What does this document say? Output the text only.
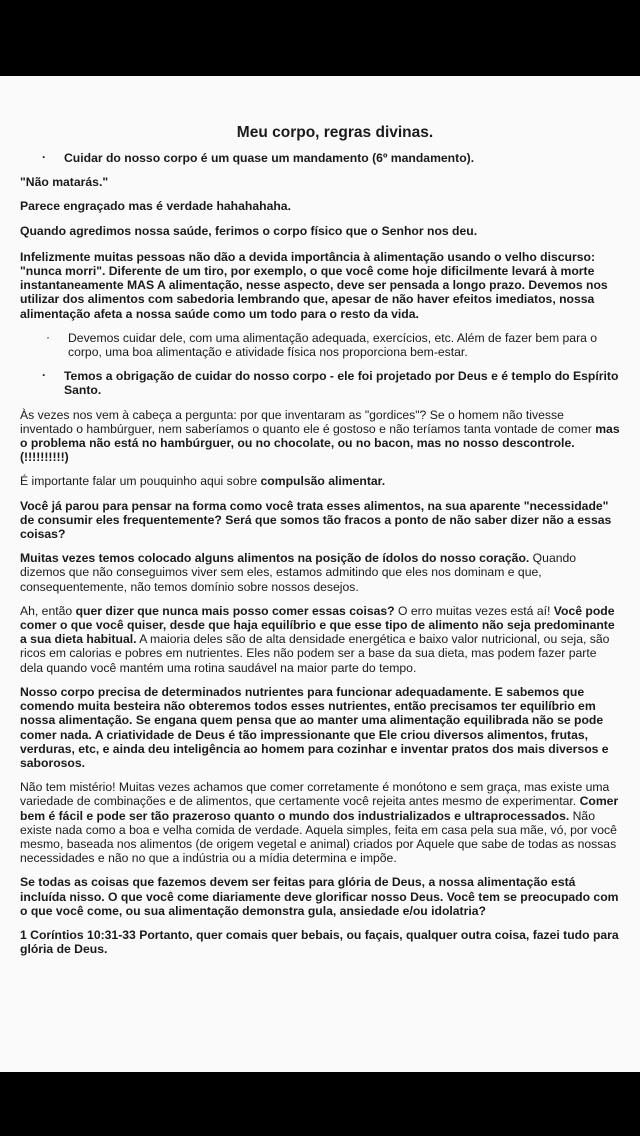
Meu corpo, regras divinas.
· Cuidar do nosso corpo é um quase um mandamento (6º mandamento).

"Não matarás."

Parece engraçado mas é verdade hahahahaha.

Quando agredimos nossa saúde, ferimos o corpo físico que o Senhor nos deu.

Infelizmente muitas pessoas não dão a devida importância à alimentação usando o velho discurso: "nunca morri". Diferente de um tiro, por exemplo, o que você come hoje dificilmente levará à morte instantaneamente MAS A alimentação, nesse aspecto, deve ser pensada a longo prazo. Devemos nos utilizar dos alimentos com sabedoria lembrando que, apesar de não haver efeitos imediatos, nossa alimentação afeta a nossa saúde como um todo para o resto da vida.

· Devemos cuidar dele, com uma alimentação adequada, exercícios, etc. Além de fazer bem para o corpo, uma boa alimentação e atividade física nos proporciona bem-estar.
· Temos a obrigação de cuidar do nosso corpo - ele foi projetado por Deus e é templo do Espírito Santo.

Às vezes nos vem à cabeça a pergunta: por que inventaram as "gordices"? Se o homem não tivesse inventado o hambúrguer, nem saberíamos o quanto ele é gostoso e não teríamos tanta vontade de comer mas o problema não está no hambúrguer, ou no chocolate, ou no bacon, mas no nosso descontrole. (!!!!!!!!!!)

É importante falar um pouquinho aqui sobre compulsão alimentar.

Você já parou para pensar na forma como você trata esses alimentos, na sua aparente "necessidade" de consumir eles frequentemente? Será que somos tão fracos a ponto de não saber dizer não a essas coisas?

Muitas vezes temos colocado alguns alimentos na posição de ídolos do nosso coração. Quando dizemos que não conseguimos viver sem eles, estamos admitindo que eles nos dominam e que, consequentemente, não temos domínio sobre nossos desejos.

Ah, então quer dizer que nunca mais posso comer essas coisas? O erro muitas vezes está aí! Você pode comer o que você quiser, desde que haja equilíbrio e que esse tipo de alimento não seja predominante a sua dieta habitual. A maioria deles são de alta densidade energética e baixo valor nutricional, ou seja, são ricos em calorias e pobres em nutrientes. Eles não podem ser a base da sua dieta, mas podem fazer parte dela quando você mantém uma rotina saudável na maior parte do tempo.

Nosso corpo precisa de determinados nutrientes para funcionar adequadamente. E sabemos que comendo muita besteira não obteremos todos esses nutrientes, então precisamos ter equilíbrio em nossa alimentação. Se engana quem pensa que ao manter uma alimentação equilibrada não se pode comer nada. A criatividade de Deus é tão impressionante que Ele criou diversos alimentos, frutas, verduras, etc, e ainda deu inteligência ao homem para cozinhar e inventar pratos dos mais diversos e saborosos.

Não tem mistério! Muitas vezes achamos que comer corretamente é monótono e sem graça, mas existe uma variedade de combinações e de alimentos, que certamente você rejeita antes mesmo de experimentar. Comer bem é fácil e pode ser tão prazeroso quanto o mundo dos industrializados e ultraprocessados. Não existe nada como a boa e velha comida de verdade. Aquela simples, feita em casa pela sua mãe, vó, por você mesmo, baseada nos alimentos (de origem vegetal e animal) criados por Aquele que sabe de todas as nossas necessidades e não no que a indústria ou a mídia determina e impõe.

Se todas as coisas que fazemos devem ser feitas para glória de Deus, a nossa alimentação está incluída nisso. O que você come diariamente deve glorificar nosso Deus. Você tem se preocupado com o que você come, ou sua alimentação demonstra gula, ansiedade e/ou idolatria?

1 Coríntios 10:31-33 Portanto, quer comais quer bebais, ou façais, qualquer outra coisa, fazei tudo para glória de Deus.
